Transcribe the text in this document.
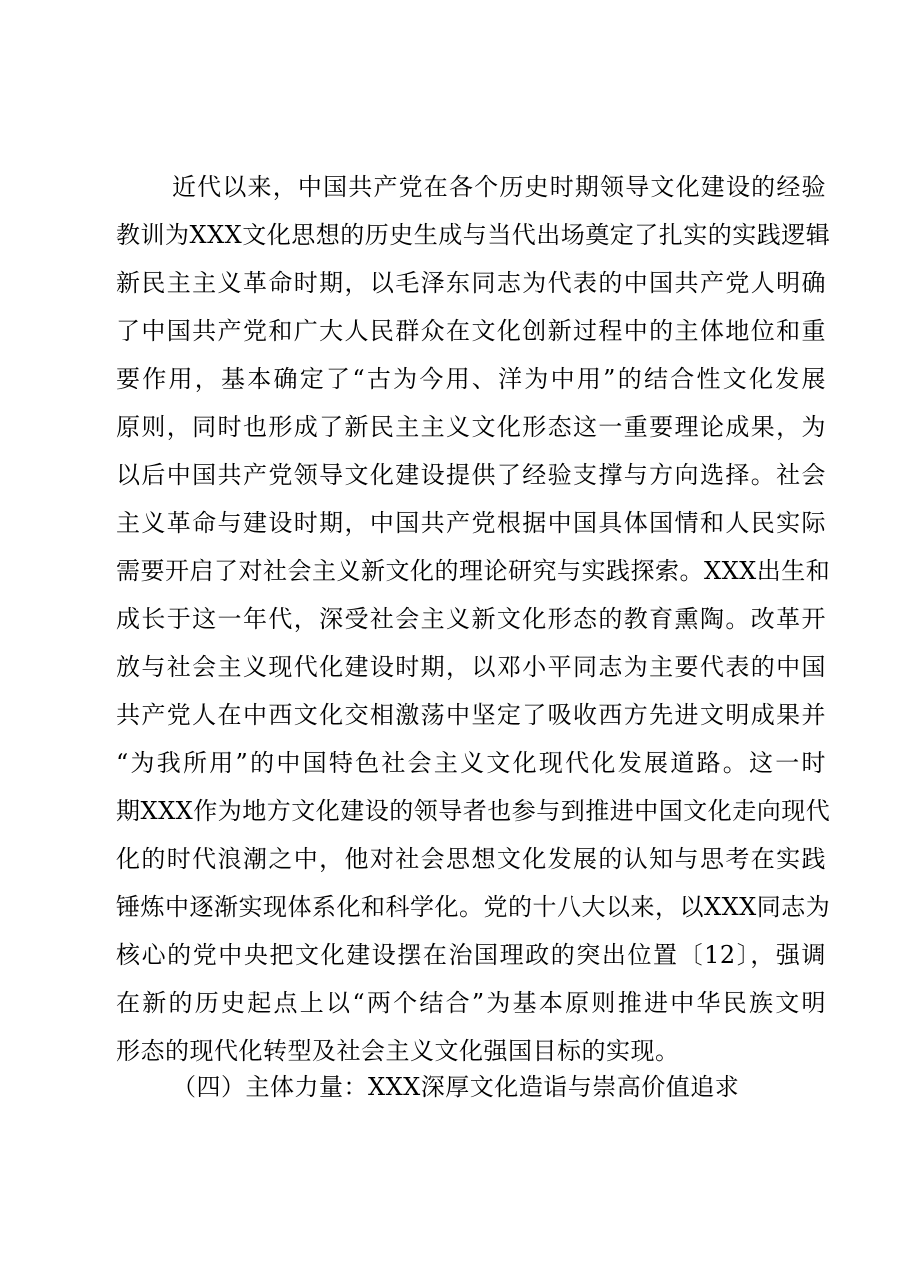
近代以来，中国共产党在各个历史时期领导文化建设的经验
教训为XXX文化思想的历史生成与当代出场奠定了扎实的实践逻辑
新民主主义革命时期，以毛泽东同志为代表的中国共产党人明确
了中国共产党和广大人民群众在文化创新过程中的主体地位和重
要作用，基本确定了“古为今用、洋为中用”的结合性文化发展
原则，同时也形成了新民主主义文化形态这一重要理论成果，为
以后中国共产党领导文化建设提供了经验支撑与方向选择。社会
主义革命与建设时期，中国共产党根据中国具体国情和人民实际
需要开启了对社会主义新文化的理论研究与实践探索。XXX出生和
成长于这一年代，深受社会主义新文化形态的教育熏陶。改革开
放与社会主义现代化建设时期，以邓小平同志为主要代表的中国
共产党人在中西文化交相激荡中坚定了吸收西方先进文明成果并
“为我所用”的中国特色社会主义文化现代化发展道路。这一时
期XXX作为地方文化建设的领导者也参与到推进中国文化走向现代
化的时代浪潮之中，他对社会思想文化发展的认知与思考在实践
锤炼中逐渐实现体系化和科学化。党的十八大以来，以XXX同志为
核心的党中央把文化建设摆在治国理政的突出位置〔12〕，强调
在新的历史起点上以“两个结合”为基本原则推进中华民族文明
形态的现代化转型及社会主义文化强国目标的实现。
（四）主体力量：XXX深厚文化造诣与崇高价值追求
